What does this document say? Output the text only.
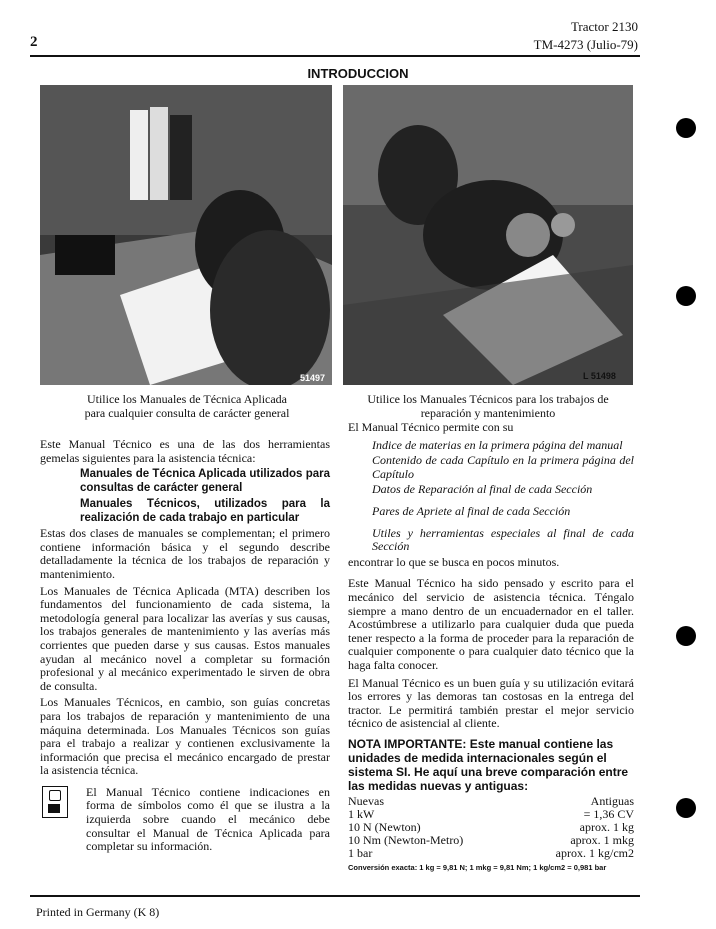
2
Tractor 2130
TM-4273 (Julio-79)
INTRODUCCION
51497	L 51498
Utilice los Manuales de Técnica Aplicada para cualquier consulta de carácter general
Utilice los Manuales Técnicos para los trabajos de reparación y mantenimiento

Este Manual Técnico es una de las dos herramientas gemelas siguientes para la asistencia técnica:

Manuales de Técnica Aplicada utilizados para consultas de carácter general

Manuales Técnicos, utilizados para la realización de cada trabajo en particular

Estas dos clases de manuales se complementan; el primero contiene información básica y el segundo describe detalladamente la técnica de los trabajos de reparación y mantenimiento.

Los Manuales de Técnica Aplicada (MTA) describen los fundamentos del funcionamiento de cada sistema, la metodología general para localizar las averías y sus causas, los trabajos generales de mantenimiento y las averías más corrientes que pueden darse y sus causas. Estos manuales ayudan al mecánico novel a completar su formación profesional y al mecánico experimentado le sirven de obra de consulta.

Los Manuales Técnicos, en cambio, son guías concretas para los trabajos de reparación y mantenimiento de una máquina determinada. Los Manuales Técnicos son guías para el trabajo a realizar y contienen exclusivamente la información que precisa el mecánico encargado de prestar la asistencia técnica.

El Manual Técnico contiene indicaciones en forma de símbolos como él que se ilustra a la izquierda sobre cuando el mecánico debe consultar el Manual de Técnica Aplicada para completar su información.

El Manual Técnico permite con su

Indice de materias en la primera página del manual

Contenido de cada Capítulo en la primera página del Capítulo

Datos de Reparación al final de cada Sección

Pares de Apriete al final de cada Sección

Utiles y herramientas especiales al final de cada Sección

encontrar lo que se busca en pocos minutos.

Este Manual Técnico ha sido pensado y escrito para el mecánico del servicio de asistencia técnica. Téngalo siempre a mano dentro de un encuadernador en el taller. Acostúmbrese a utilizarlo para cualquier duda que pueda tener respecto a la forma de proceder para la reparación de cualquier componente o para cualquier dato técnico que la haga falta conocer.

El Manual Técnico es un buen guía y su utilización evitará los errores y las demoras tan costosas en la entrega del tractor. Le permitirá también prestar el mejor servicio técnico de asistencial al cliente.

NOTA IMPORTANTE: Este manual contiene las unidades de medida internacionales según el sistema SI. He aquí una breve comparación entre las medidas nuevas y antiguas:

Nuevas	Antiguas
1 kW	= 1,36 CV
10 N (Newton)	aprox. 1 kg
10 Nm (Newton-Metro)	aprox. 1 mkg
1 bar	aprox. 1 kg/cm2

Conversión exacta: 1 kg = 9,81 N; 1 mkg = 9,81 Nm; 1 kg/cm2 = 0,981 bar

Printed in Germany (K 8)
